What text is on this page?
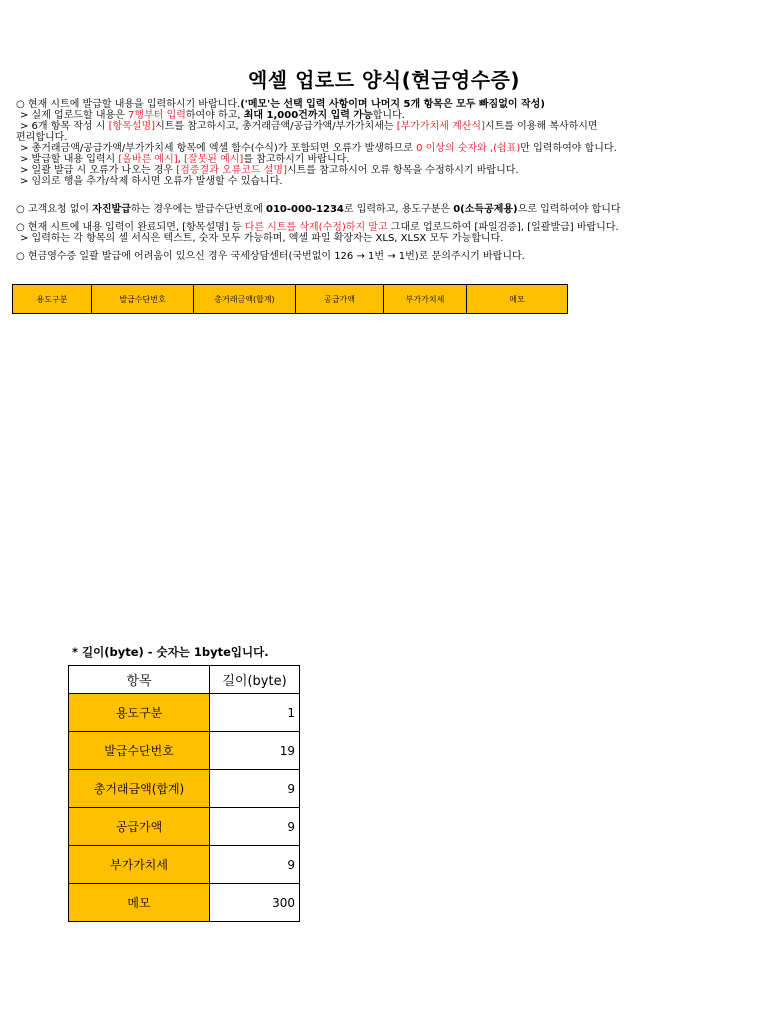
엑셀 업로드 양식(현금영수증)
○ 현재 시트에 발급할 내용을 입력하시기 바랍니다.('메모'는 선택 입력 사항이며 나머지 5개 항목은 모두 빠짐없이 작성)
> 실제 업로드할 내용은 7행부터 입력하여야 하고, 최대 1,000건까지 입력 가능합니다.
> 6개 항목 작성 시 [항목설명]시트를 참고하시고, 총거래금액/공급가액/부가가치세는 [부가가치세 계산식]시트를 이용해 복사하시면
편리합니다.
> 총거래금액/공급가액/부가가치세 항목에 엑셀 함수(수식)가 포함되면 오류가 발생하므로 0 이상의 숫자와 ,(쉼표)만 입력하여야 합니다.
> 발급할 내용 입력시 [올바른 예시], [잘못된 예시]를 참고하시기 바랍니다.
> 일괄 발급 시 오류가 나오는 경우 [검증결과 오류코드 설명]시트를 참고하시어 오류 항목을 수정하시기 바랍니다.
> 임의로 행을 추가/삭제 하시면 오류가 발생할 수 있습니다.
○ 고객요청 없이 자진발급하는 경우에는 발급수단번호에 010-000-1234로 입력하고, 용도구분은 0(소득공제용)으로 입력하여야 합니다
○ 현재 시트에 내용 입력이 완료되면, [항목설명] 등 다른 시트를 삭제(수정)하지 말고 그대로 업로드하여 [파일검증], [일괄발급] 바랍니다.
> 입력하는 각 항목의 셀 서식은 텍스트, 숫자 모두 가능하며, 엑셀 파일 확장자는 XLS, XLSX 모두 가능합니다.
○ 현금영수증 일괄 발급에 어려움이 있으신 경우 국세상담센터(국번없이 126 → 1번 → 1번)로 문의주시기 바랍니다.
용도구분	발급수단번호	총거래금액(합계)	공급가액	부가가치세	메모
* 길이(byte) - 숫자는 1byte입니다.
항목	길이(byte)
용도구분	1
발급수단번호	19
총거래금액(합계)	9
공급가액	9
부가가치세	9
메모	300
